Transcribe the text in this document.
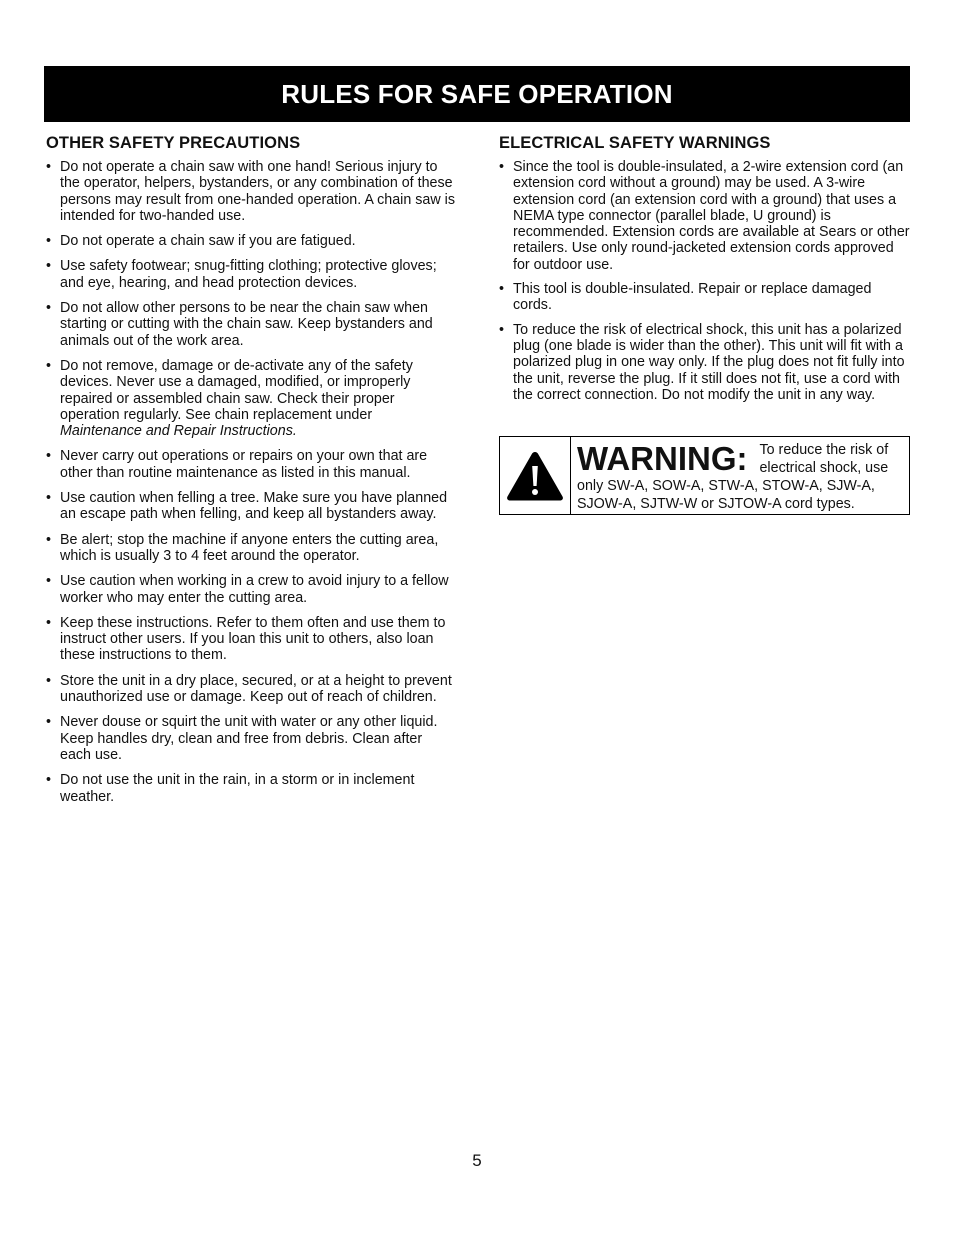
RULES FOR SAFE OPERATION
OTHER SAFETY PRECAUTIONS
• Do not operate a chain saw with one hand! Serious injury to the operator, helpers, bystanders, or any combination of these persons may result from one-handed operation. A chain saw is intended for two-handed use.
• Do not operate a chain saw if you are fatigued.
• Use safety footwear; snug-fitting clothing; protective gloves; and eye, hearing, and head protection devices.
• Do not allow other persons to be near the chain saw when starting or cutting with the chain saw. Keep bystanders and animals out of the work area.
• Do not remove, damage or de-activate any of the safety devices. Never use a damaged, modified, or improperly repaired or assembled chain saw. Check their proper operation regularly. See chain replacement under Maintenance and Repair Instructions.
• Never carry out operations or repairs on your own that are other than routine maintenance as listed in this manual.
• Use caution when felling a tree. Make sure you have planned an escape path when felling, and keep all bystanders away.
• Be alert; stop the machine if anyone enters the cutting area, which is usually 3 to 4 feet around the operator.
• Use caution when working in a crew to avoid injury to a fellow worker who may enter the cutting area.
• Keep these instructions. Refer to them often and use them to instruct other users. If you loan this unit to others, also loan these instructions to them.
• Store the unit in a dry place, secured, or at a height to prevent unauthorized use or damage. Keep out of reach of children.
• Never douse or squirt the unit with water or any other liquid. Keep handles dry, clean and free from debris. Clean after each use.
• Do not use the unit in the rain, in a storm or in inclement weather.
ELECTRICAL SAFETY WARNINGS
• Since the tool is double-insulated, a 2-wire extension cord (an extension cord without a ground) may be used. A 3-wire extension cord (an extension cord with a ground) that uses a NEMA type connector (parallel blade, U ground) is recommended. Extension cords are available at Sears or other retailers. Use only round-jacketed extension cords approved for outdoor use.
• This tool is double-insulated. Repair or replace damaged cords.
• To reduce the risk of electrical shock, this unit has a polarized plug (one blade is wider than the other). This unit will fit with a polarized plug in one way only. If the plug does not fit fully into the unit, reverse the plug. If it still does not fit, use a cord with the correct connection. Do not modify the unit in any way.
WARNING: To reduce the risk of electrical shock, use only SW-A, SOW-A, STW-A, STOW-A, SJW-A, SJOW-A, SJTW-W or SJTOW-A cord types.
5
